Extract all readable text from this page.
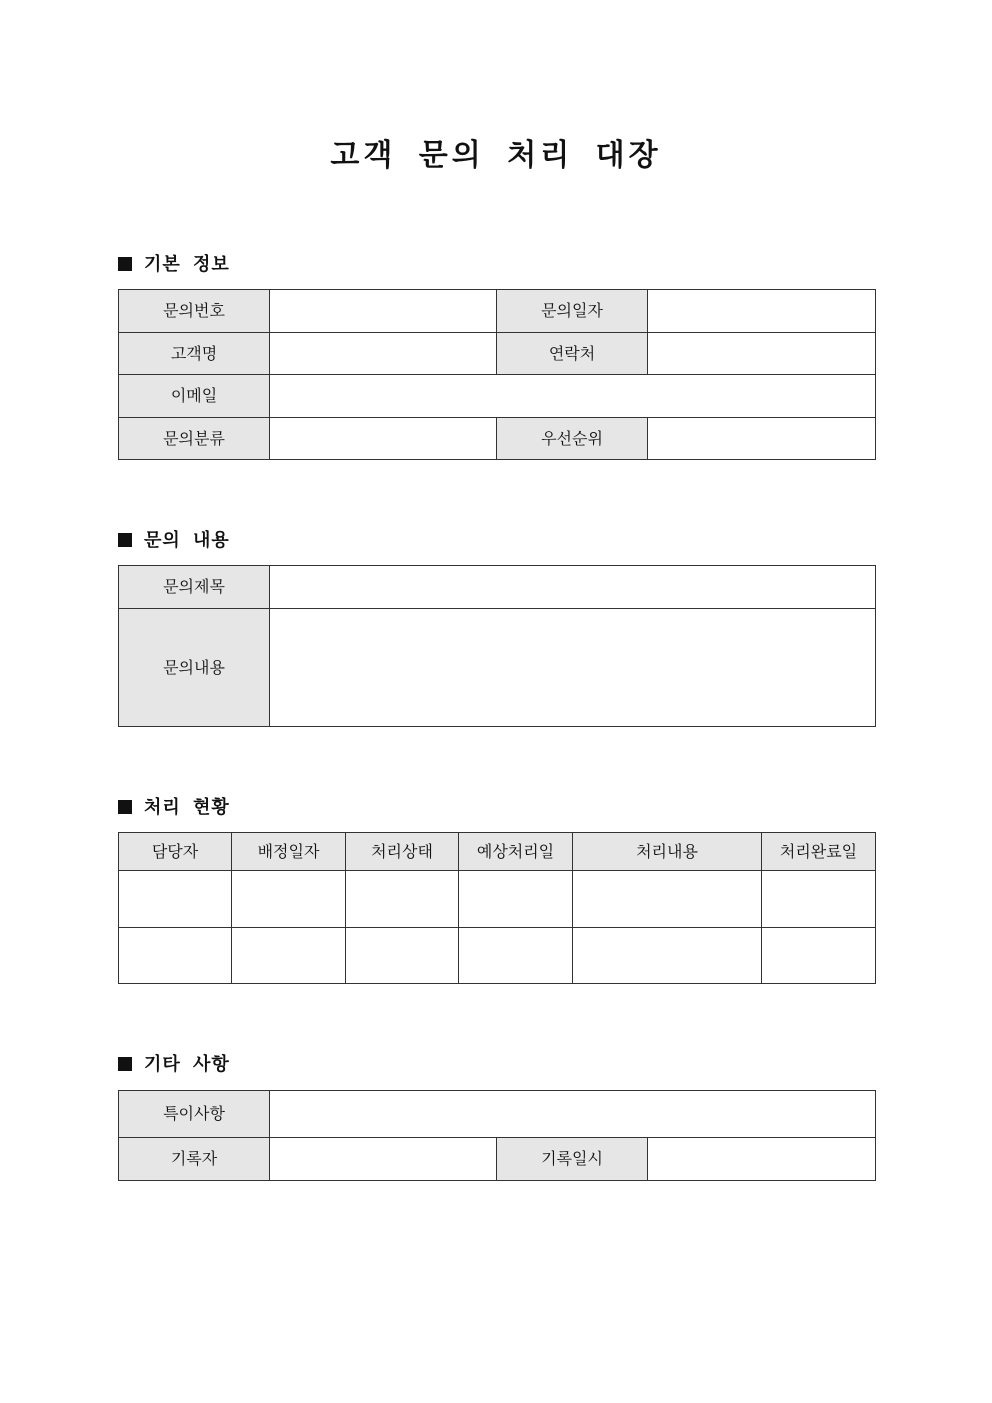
고객 문의 처리 대장
기본 정보
문의번호		문의일자	
고객명		연락처	
이메일			
문의분류		우선순위	
문의 내용
문의제목	
문의내용	
처리 현황
담당자	배정일자	처리상태	예상처리일	처리내용	처리완료일

기타 사항
특이사항			
기록자		기록일시	
